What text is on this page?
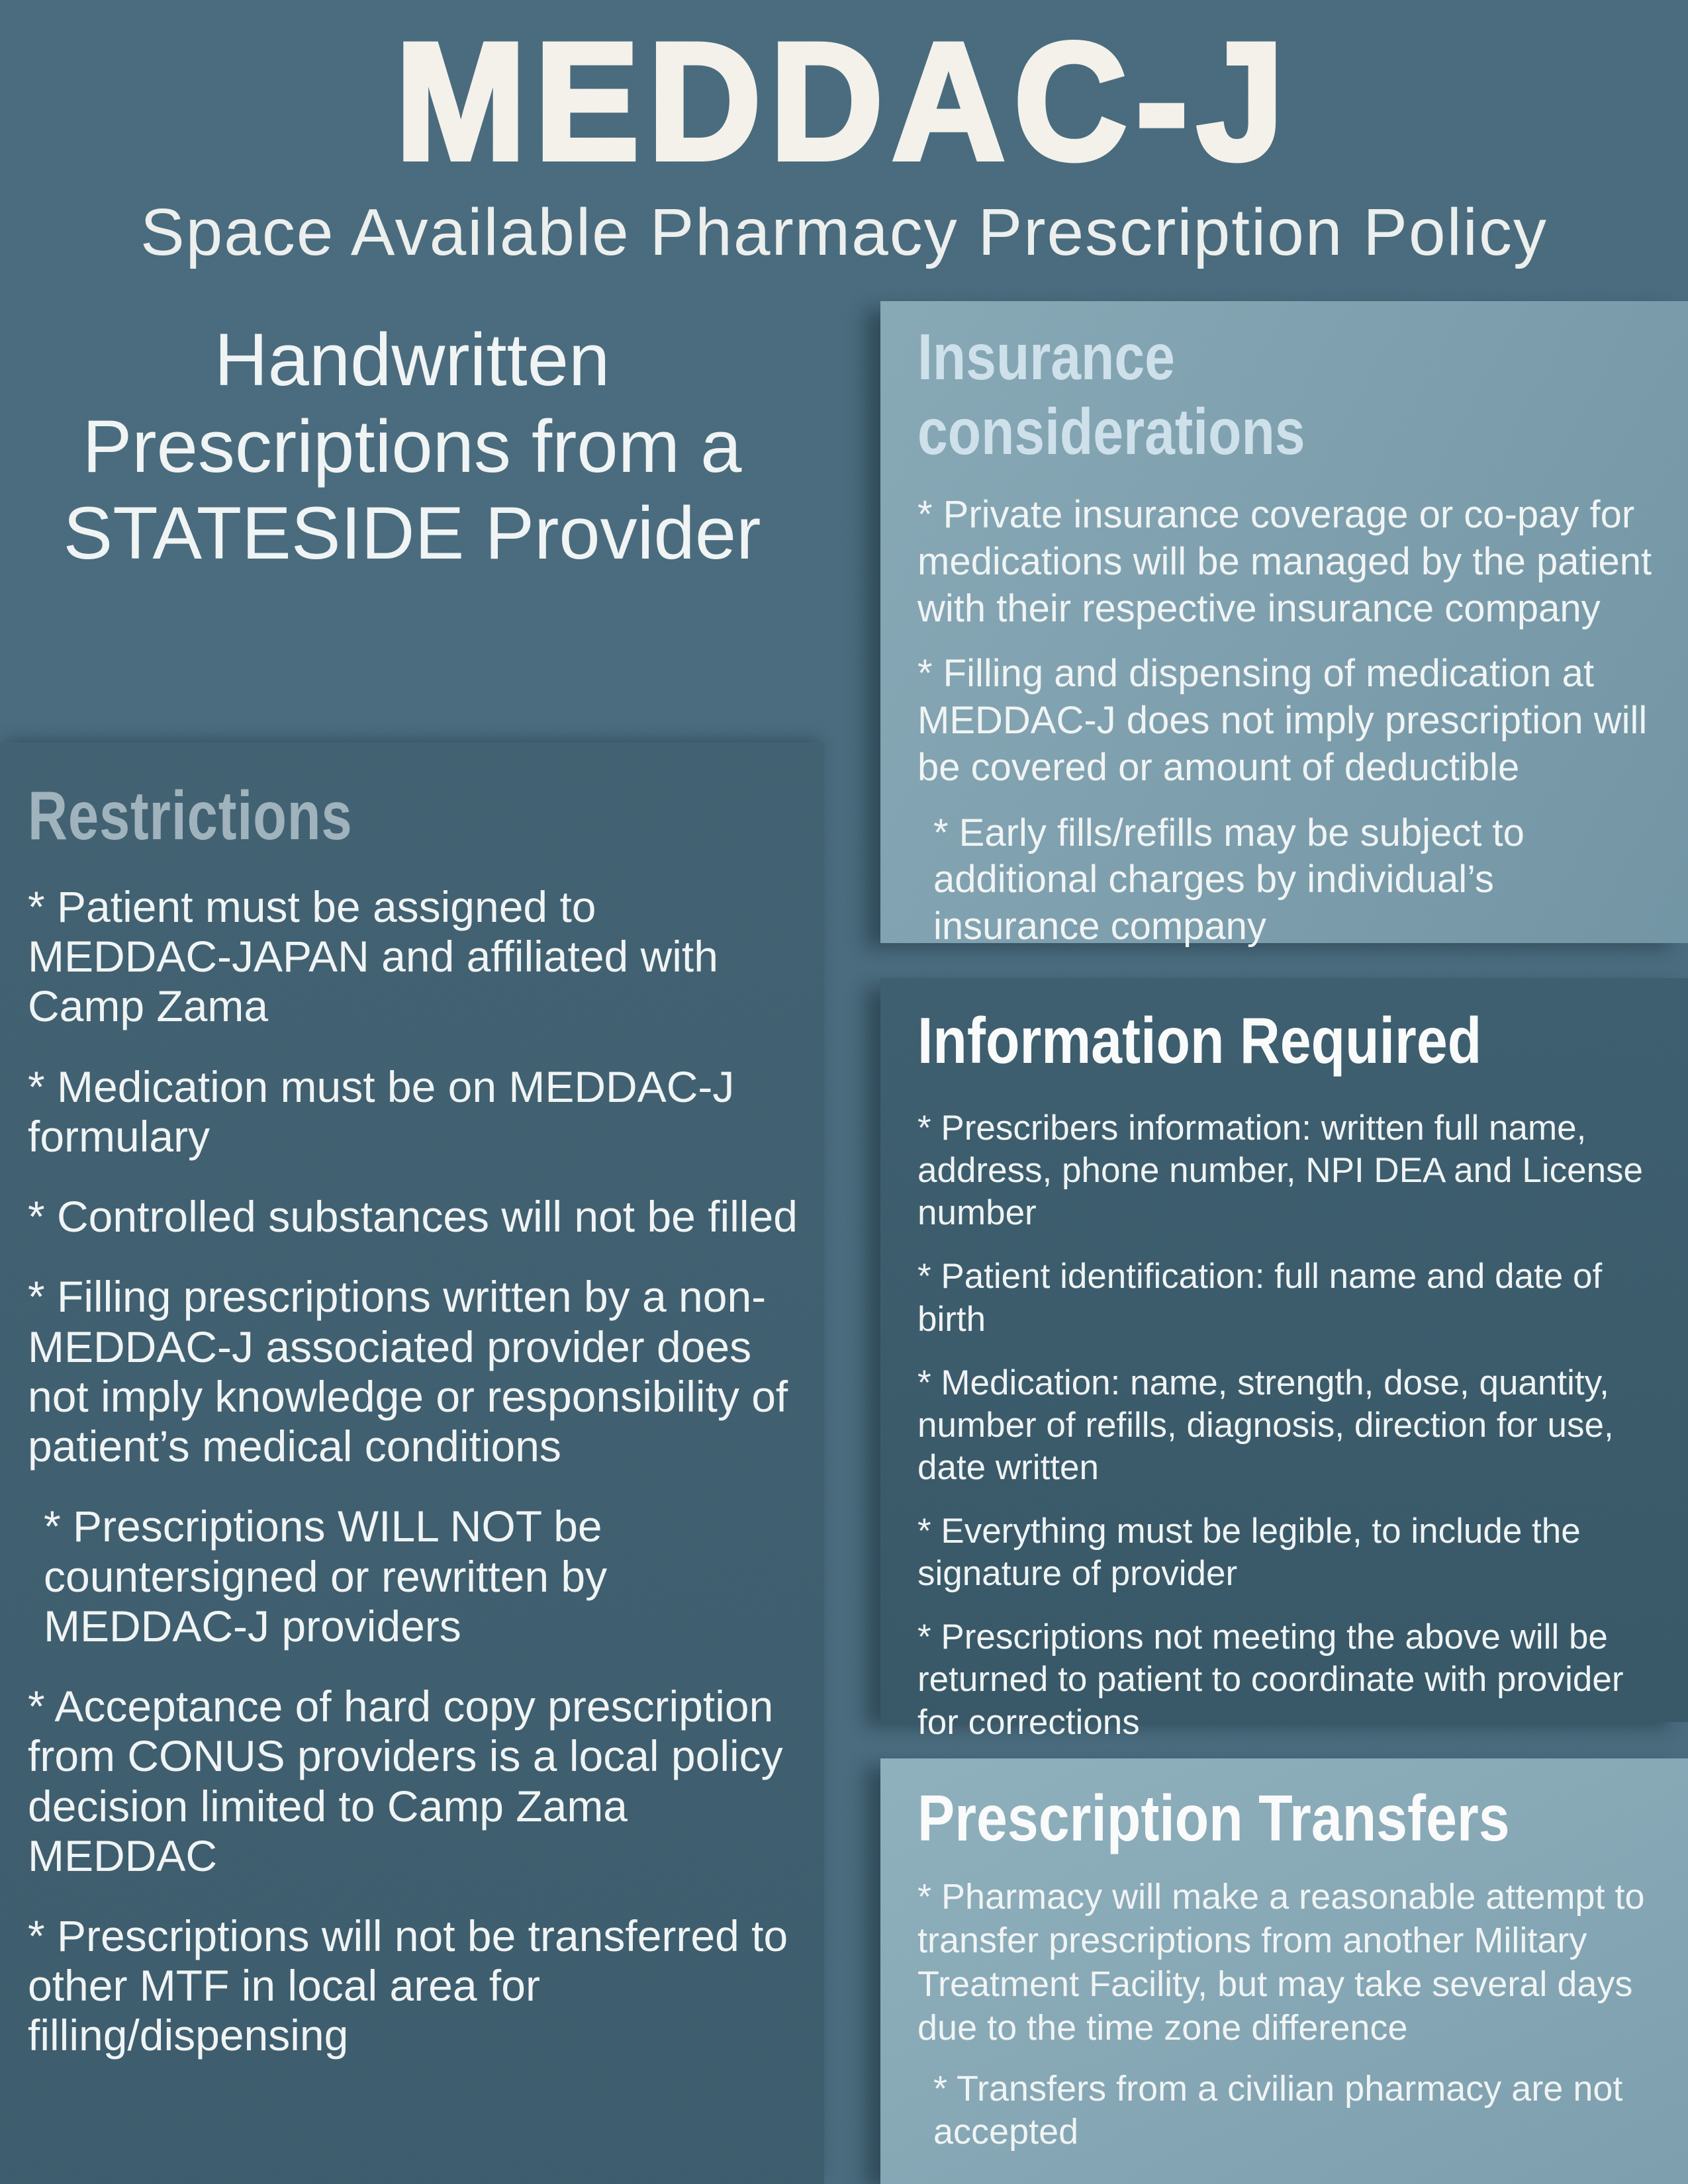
MEDDAC-J
Space Available Pharmacy Prescription Policy
Handwritten Prescriptions from a STATESIDE Provider
Restrictions

* Patient must be assigned to MEDDAC-JAPAN and affiliated with Camp Zama

* Medication must be on MEDDAC-J formulary

* Controlled substances will not be filled

* Filling prescriptions written by a non-MEDDAC-J associated provider does not imply knowledge or responsibility of patient’s medical conditions

* Prescriptions WILL NOT be countersigned or rewritten by MEDDAC-J providers

* Acceptance of hard copy prescription from CONUS providers is a local policy decision limited to Camp Zama MEDDAC

* Prescriptions will not be transferred to other MTF in local area for filling/dispensing

Insurance considerations

* Private insurance coverage or co-pay for medications will be managed by the patient with their respective insurance company

* Filling and dispensing of medication at MEDDAC-J does not imply prescription will be covered or amount of deductible

* Early fills/refills may be subject to additional charges by individual’s insurance company

Information Required

* Prescribers information: written full name, address, phone number, NPI DEA and License number

* Patient identification: full name and date of birth

* Medication: name, strength, dose, quantity, number of refills, diagnosis, direction for use, date written

* Everything must be legible, to include the signature of provider

* Prescriptions not meeting the above will be returned to patient to coordinate with provider for corrections

Prescription Transfers

* Pharmacy will make a reasonable attempt to transfer prescriptions from another Military Treatment Facility, but may take several days due to the time zone difference

* Transfers from a civilian pharmacy are not accepted
